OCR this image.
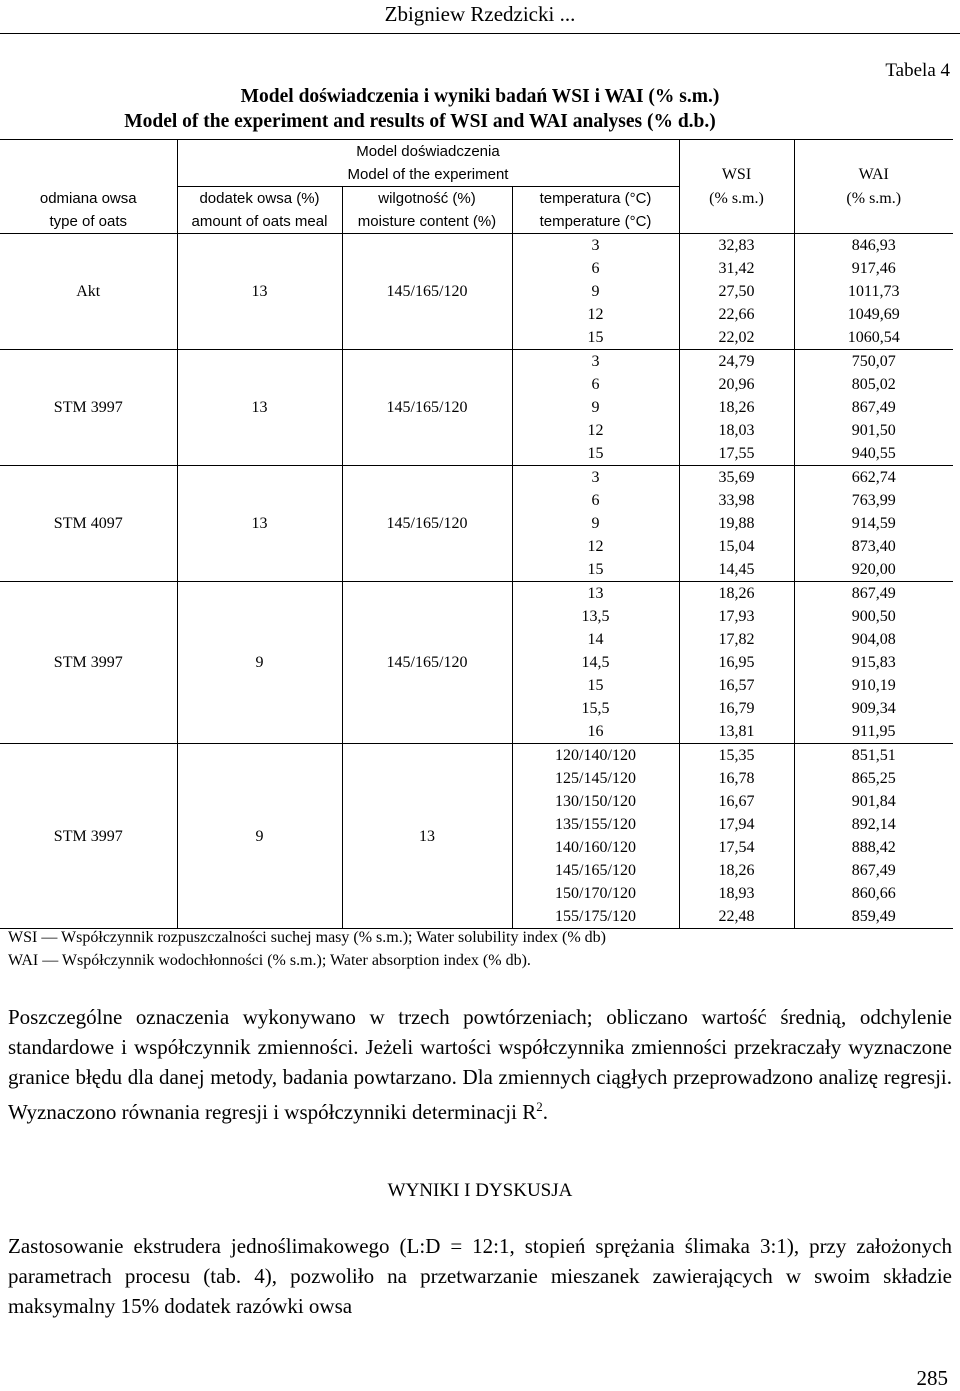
Zbigniew Rzedzicki ...
Tabela 4
Model doświadczenia i wyniki badań WSI i WAI (% s.m.)
Model of the experiment and results of WSI and WAI analyses (% d.b.)
	Model doświadczenia				
	Model of the experiment			WSI	WAI
odmiana owsa	dodatek owsa (%)	wilgotność (%)	temperatura (°C)	(% s.m.)	(% s.m.)
type of oats	amount of oats meal	moisture content (%)	temperature (°C)		
Akt	13	145/165/120	3	32,83	846,93
			6	31,42	917,46
			9	27,50	1011,73
			12	22,66	1049,69
			15	22,02	1060,54
STM 3997	13	145/165/120	3	24,79	750,07
			6	20,96	805,02
			9	18,26	867,49
			12	18,03	901,50
			15	17,55	940,55
STM 4097	13	145/165/120	3	35,69	662,74
			6	33,98	763,99
			9	19,88	914,59
			12	15,04	873,40
			15	14,45	920,00
STM 3997	9	145/165/120	13	18,26	867,49
			13,5	17,93	900,50
			14	17,82	904,08
			14,5	16,95	915,83
			15	16,57	910,19
			15,5	16,79	909,34
			16	13,81	911,95
STM 3997	9	13	120/140/120	15,35	851,51
			125/145/120	16,78	865,25
			130/150/120	16,67	901,84
			135/155/120	17,94	892,14
			140/160/120	17,54	888,42
			145/165/120	18,26	867,49
			150/170/120	18,93	860,66
			155/175/120	22,48	859,49
WSI — Współczynnik rozpuszczalności suchej masy (% s.m.); Water solubility index (% db)
WAI — Współczynnik wodochłonności (% s.m.); Water absorption index (% db).
Poszczególne oznaczenia wykonywano w trzech powtórzeniach; obliczano wartość średnią, odchylenie standardowe i współczynnik zmienności. Jeżeli wartości współczynnika zmienności przekraczały wyznaczone granice błędu dla danej metody, badania powtarzano. Dla zmiennych ciągłych przeprowadzono analizę regresji. Wyznaczono równania regresji i współczynniki determinacji $R^2$.
WYNIKI I DYSKUSJA
Zastosowanie ekstrudera jednoślimakowego (L:D = 12:1, stopień sprężania ślimaka 3:1), przy założonych parametrach procesu (tab. 4), pozwoliło na przetwarzanie mieszanek zawierających w swoim składzie maksymalny 15% dodatek razówki owsa
285
